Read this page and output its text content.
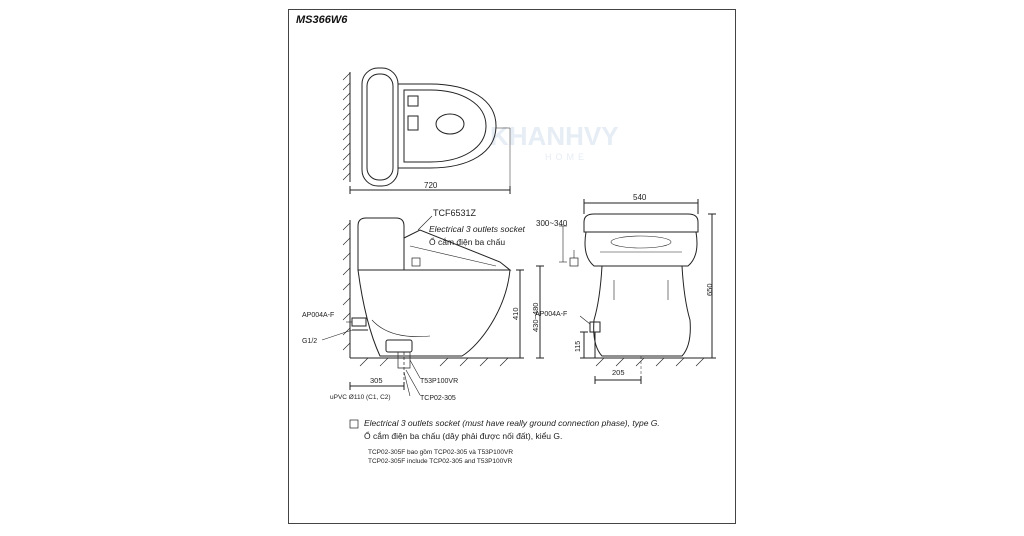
MS366W6
KHANHVY
HOME
720
TCF6531Z
Electrical 3 outlets socket
Ổ cắm điện ba chấu
AP004A-F
G1/2
uPVC Ø110 (C1, C2)
T53P100VR
TCP02-305
305
300~340
410 430~480
540
650
115
205
AP004A-F
Electrical 3 outlets socket (must have really ground connection phase), type G.
Ổ cắm điện ba chấu (dây phải được nối đất), kiểu G.
TCP02-305F bao gồm TCP02-305 và T53P100VR
TCP02-305F include TCP02-305 and T53P100VR
